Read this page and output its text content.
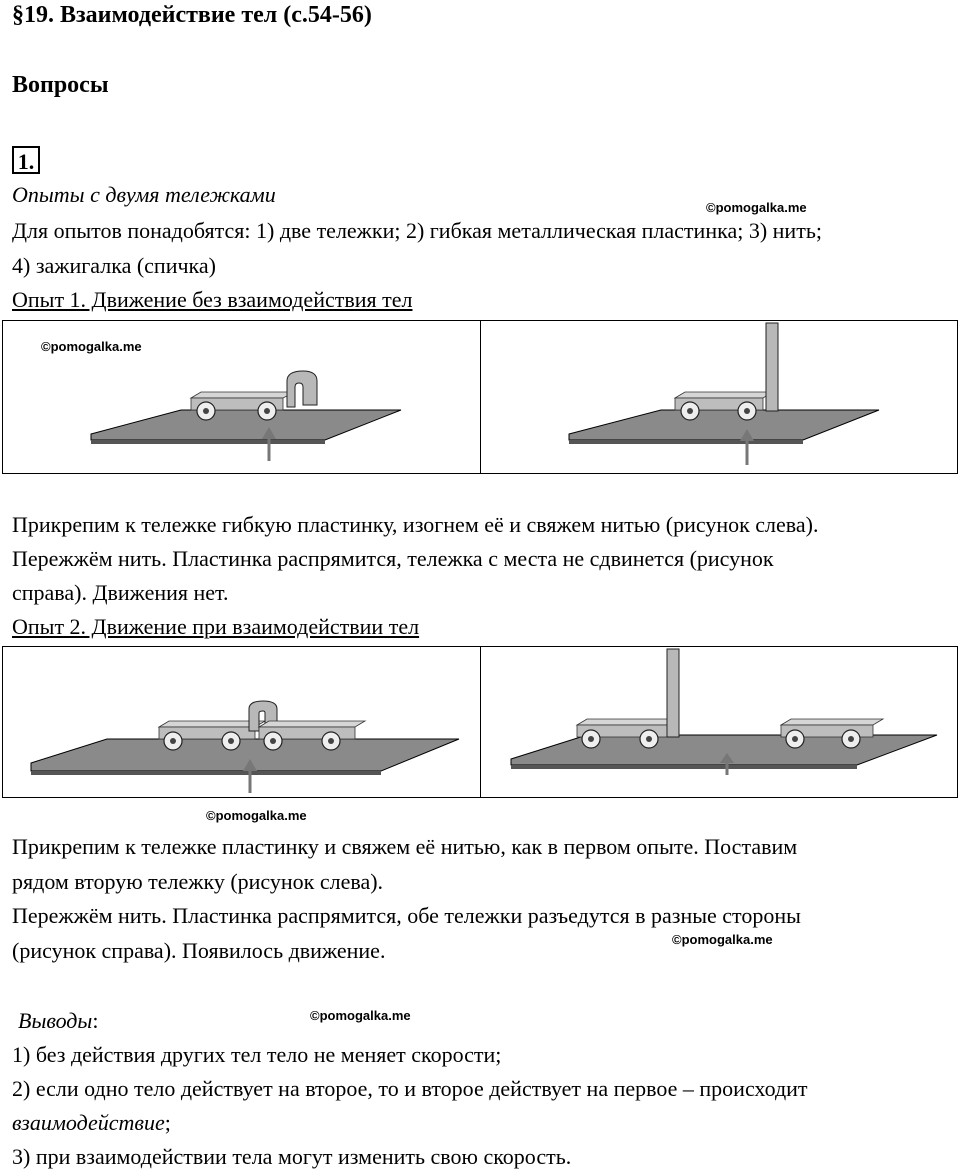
§19. Взаимодействие тел (с.54-56)
Вопросы
1.
Опыты с двумя тележками
©pomogalka.me
Для опытов понадобятся: 1) две тележки; 2) гибкая металлическая пластинка; 3) нить;
4) зажигалка (спичка)
Опыт 1. Движение без взаимодействия тел
©pomogalka.me
Прикрепим к тележке гибкую пластинку, изогнем её и свяжем нитью (рисунок слева).
Пережжём нить. Пластинка распрямится, тележка с места не сдвинется (рисунок
справа). Движения нет.
Опыт 2. Движение при взаимодействии тел
©pomogalka.me
Прикрепим к тележке пластинку и свяжем её нитью, как в первом опыте. Поставим
рядом вторую тележку (рисунок слева).
Пережжём нить. Пластинка распрямится, обе тележки разъедутся в разные стороны
©pomogalka.me
(рисунок справа). Появилось движение.
Выводы:	©pomogalka.me
1) без действия других тел тело не меняет скорости;
2) если одно тело действует на второе, то и второе действует на первое – происходит
взаимодействие;
3) при взаимодействии тела могут изменить свою скорость.
